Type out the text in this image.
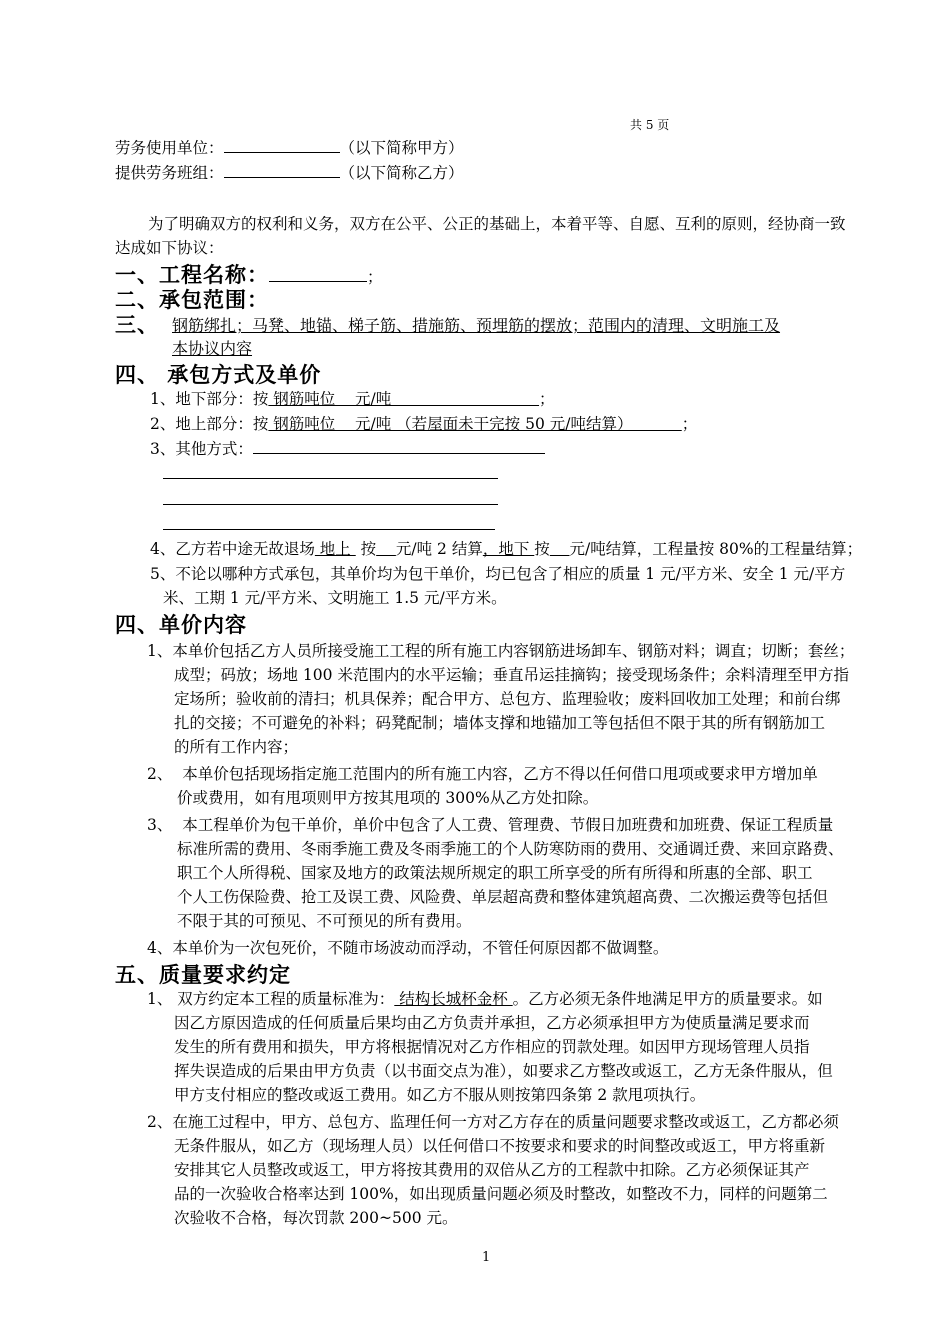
共 5 页
劳务使用单位：	（以下简称甲方）
提供劳务班组：	（以下简称乙方）
为了明确双方的权利和义务，双方在公平、公正的基础上，本着平等、自愿、互利的原则，经协商一致
达成如下协议：
一、工程名称：	；
二、承包范围：
三、 钢筋绑扎；马凳、地锚、梯子筋、措施筋、预埋筋的摆放；范围内的清理、文明施工及
本协议内容
四、 承包方式及单价
1、地下部分：按 钢筋吨位    元/吨                              ；
2、地上部分：按 钢筋吨位    元/吨 （若屋面未干完按 50 元/吨结算）          ；
3、其他方式：
4、乙方若中途无故退场 地上  按 元/吨 2 结算，地下 按 元/吨结算，工程量按 80%的工程量结算；
5、不论以哪种方式承包，其单价均为包干单价，均已包含了相应的质量 1 元/平方米、安全 1 元/平方
米、工期 1 元/平方米、文明施工 1.5 元/平方米。
四、单价内容
1、本单价包括乙方人员所接受施工工程的所有施工内容钢筋进场卸车、钢筋对料；调直；切断；套丝；
成型；码放；场地 100 米范围内的水平运输；垂直吊运挂摘钩；接受现场条件；余料清理至甲方指
定场所；验收前的清扫；机具保养；配合甲方、总包方、监理验收；废料回收加工处理；和前台绑
扎的交接；不可避免的补料；码凳配制；墙体支撑和地锚加工等包括但不限于其的所有钢筋加工
的所有工作内容；
2、  本单价包括现场指定施工范围内的所有施工内容，乙方不得以任何借口甩项或要求甲方增加单
价或费用，如有甩项则甲方按其甩项的 300%从乙方处扣除。
3、  本工程单价为包干单价，单价中包含了人工费、管理费、节假日加班费和加班费、保证工程质量
标准所需的费用、冬雨季施工费及冬雨季施工的个人防寒防雨的费用、交通调迁费、来回京路费、
职工个人所得税、国家及地方的政策法规所规定的职工所享受的所有所得和所惠的全部、职工
个人工伤保险费、抢工及误工费、风险费、单层超高费和整体建筑超高费、二次搬运费等包括但
不限于其的可预见、不可预见的所有费用。
4、本单价为一次包死价，不随市场波动而浮动，不管任何原因都不做调整。
五、质量要求约定
1、 双方约定本工程的质量标准为： 结构长城杯金杯 。乙方必须无条件地满足甲方的质量要求。如
因乙方原因造成的任何质量后果均由乙方负责并承担，乙方必须承担甲方为使质量满足要求而
发生的所有费用和损失，甲方将根据情况对乙方作相应的罚款处理。如因甲方现场管理人员指
挥失误造成的后果由甲方负责（以书面交点为准），如要求乙方整改或返工，乙方无条件服从，但
甲方支付相应的整改或返工费用。如乙方不服从则按第四条第 2 款甩项执行。
2、在施工过程中，甲方、总包方、监理任何一方对乙方存在的质量问题要求整改或返工，乙方都必须
无条件服从，如乙方（现场理人员）以任何借口不按要求和要求的时间整改或返工，甲方将重新
安排其它人员整改或返工，甲方将按其费用的双倍从乙方的工程款中扣除。乙方必须保证其产
品的一次验收合格率达到 100%，如出现质量问题必须及时整改，如整改不力，同样的问题第二
次验收不合格，每次罚款 200~500 元。
1
